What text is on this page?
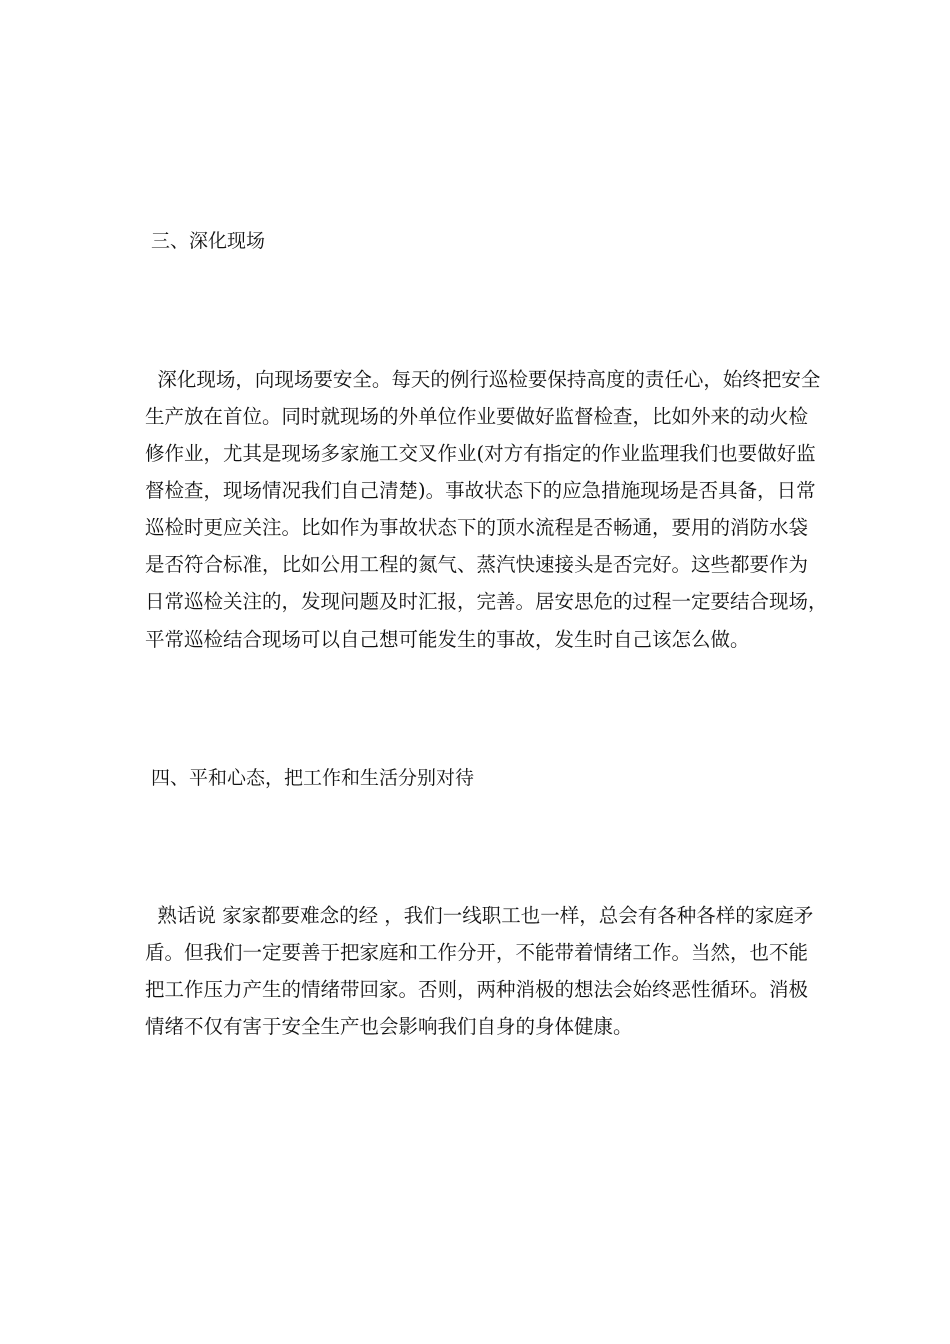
三、深化现场
深化现场，向现场要安全。每天的例行巡检要保持高度的责任心，始终把安全
生产放在首位。同时就现场的外单位作业要做好监督检查，比如外来的动火检
修作业，尤其是现场多家施工交叉作业(对方有指定的作业监理我们也要做好监
督检查，现场情况我们自己清楚)。事故状态下的应急措施现场是否具备，日常
巡检时更应关注。比如作为事故状态下的顶水流程是否畅通，要用的消防水袋
是否符合标准，比如公用工程的氮气、蒸汽快速接头是否完好。这些都要作为
日常巡检关注的，发现问题及时汇报，完善。居安思危的过程一定要结合现场，
平常巡检结合现场可以自己想可能发生的事故，发生时自己该怎么做。
四、平和心态，把工作和生活分别对待
熟话说 家家都要难念的经 ，我们一线职工也一样，总会有各种各样的家庭矛
盾。但我们一定要善于把家庭和工作分开，不能带着情绪工作。当然，也不能
把工作压力产生的情绪带回家。否则，两种消极的想法会始终恶性循环。消极
情绪不仅有害于安全生产也会影响我们自身的身体健康。
